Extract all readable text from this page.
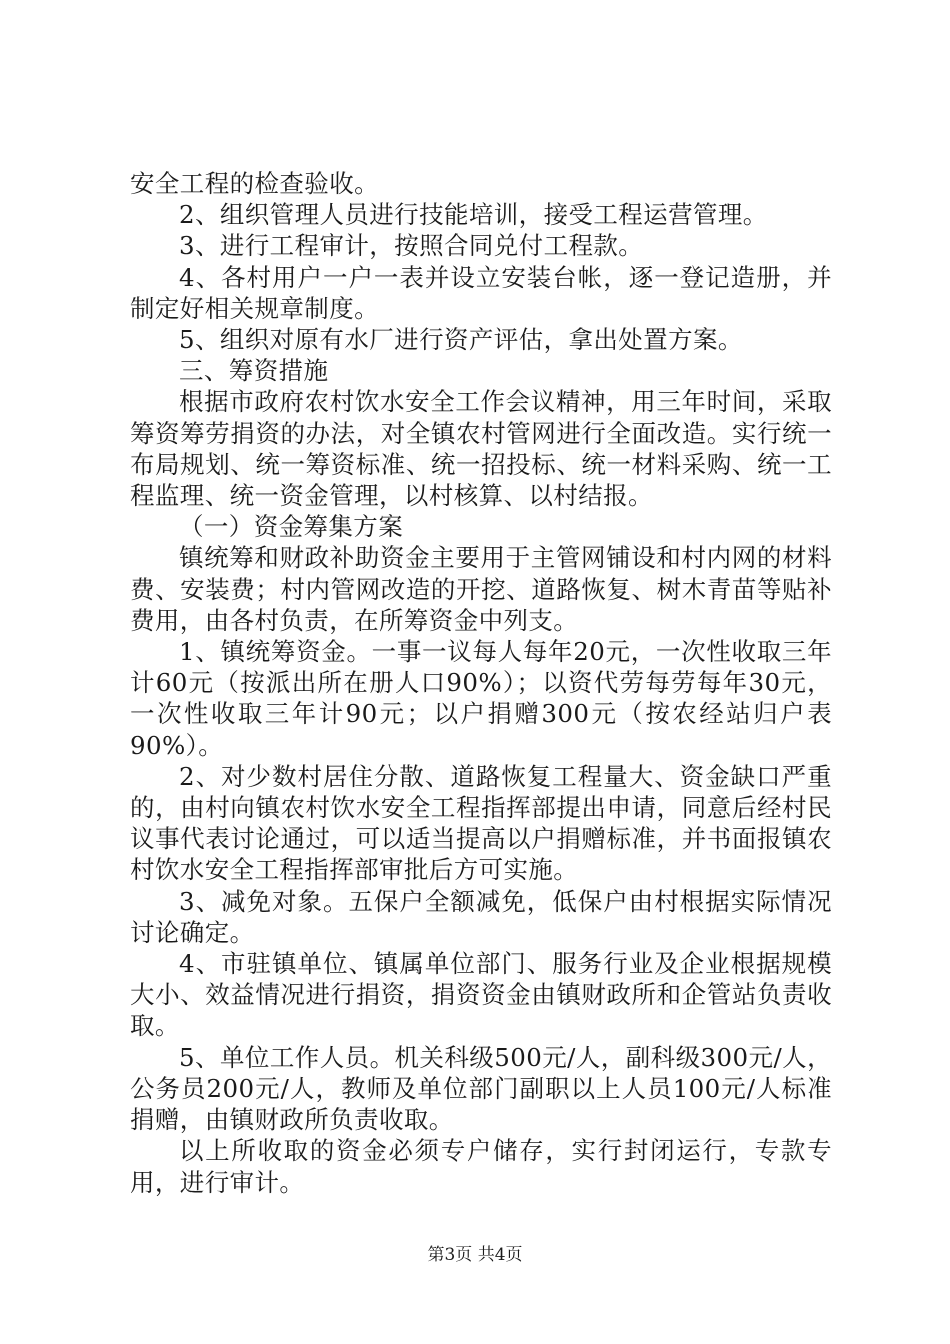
安全工程的检查验收。

2、组织管理人员进行技能培训，接受工程运营管理。

3、进行工程审计，按照合同兑付工程款。

4、各村用户一户一表并设立安装台帐，逐一登记造册，并制定好相关规章制度。

5、组织对原有水厂进行资产评估，拿出处置方案。

三、筹资措施

根据市政府农村饮水安全工作会议精神，用三年时间，采取筹资筹劳捐资的办法，对全镇农村管网进行全面改造。实行统一布局规划、统一筹资标准、统一招投标、统一材料采购、统一工程监理、统一资金管理，以村核算、以村结报。

（一）资金筹集方案

镇统筹和财政补助资金主要用于主管网铺设和村内网的材料费、安装费；村内管网改造的开挖、道路恢复、树木青苗等贴补费用，由各村负责，在所筹资金中列支。

1、镇统筹资金。一事一议每人每年20元，一次性收取三年计60元（按派出所在册人口90%）；以资代劳每劳每年30元，一次性收取三年计90元；以户捐赠300元（按农经站归户表90%）。

2、对少数村居住分散、道路恢复工程量大、资金缺口严重的，由村向镇农村饮水安全工程指挥部提出申请，同意后经村民议事代表讨论通过，可以适当提高以户捐赠标准，并书面报镇农村饮水安全工程指挥部审批后方可实施。

3、减免对象。五保户全额减免，低保户由村根据实际情况讨论确定。

4、市驻镇单位、镇属单位部门、服务行业及企业根据规模大小、效益情况进行捐资，捐资资金由镇财政所和企管站负责收取。

5、单位工作人员。机关科级500元/人，副科级300元/人，公务员200元/人，教师及单位部门副职以上人员100元/人标准捐赠，由镇财政所负责收取。

以上所收取的资金必须专户储存，实行封闭运行，专款专用，进行审计。

第3页 共4页
